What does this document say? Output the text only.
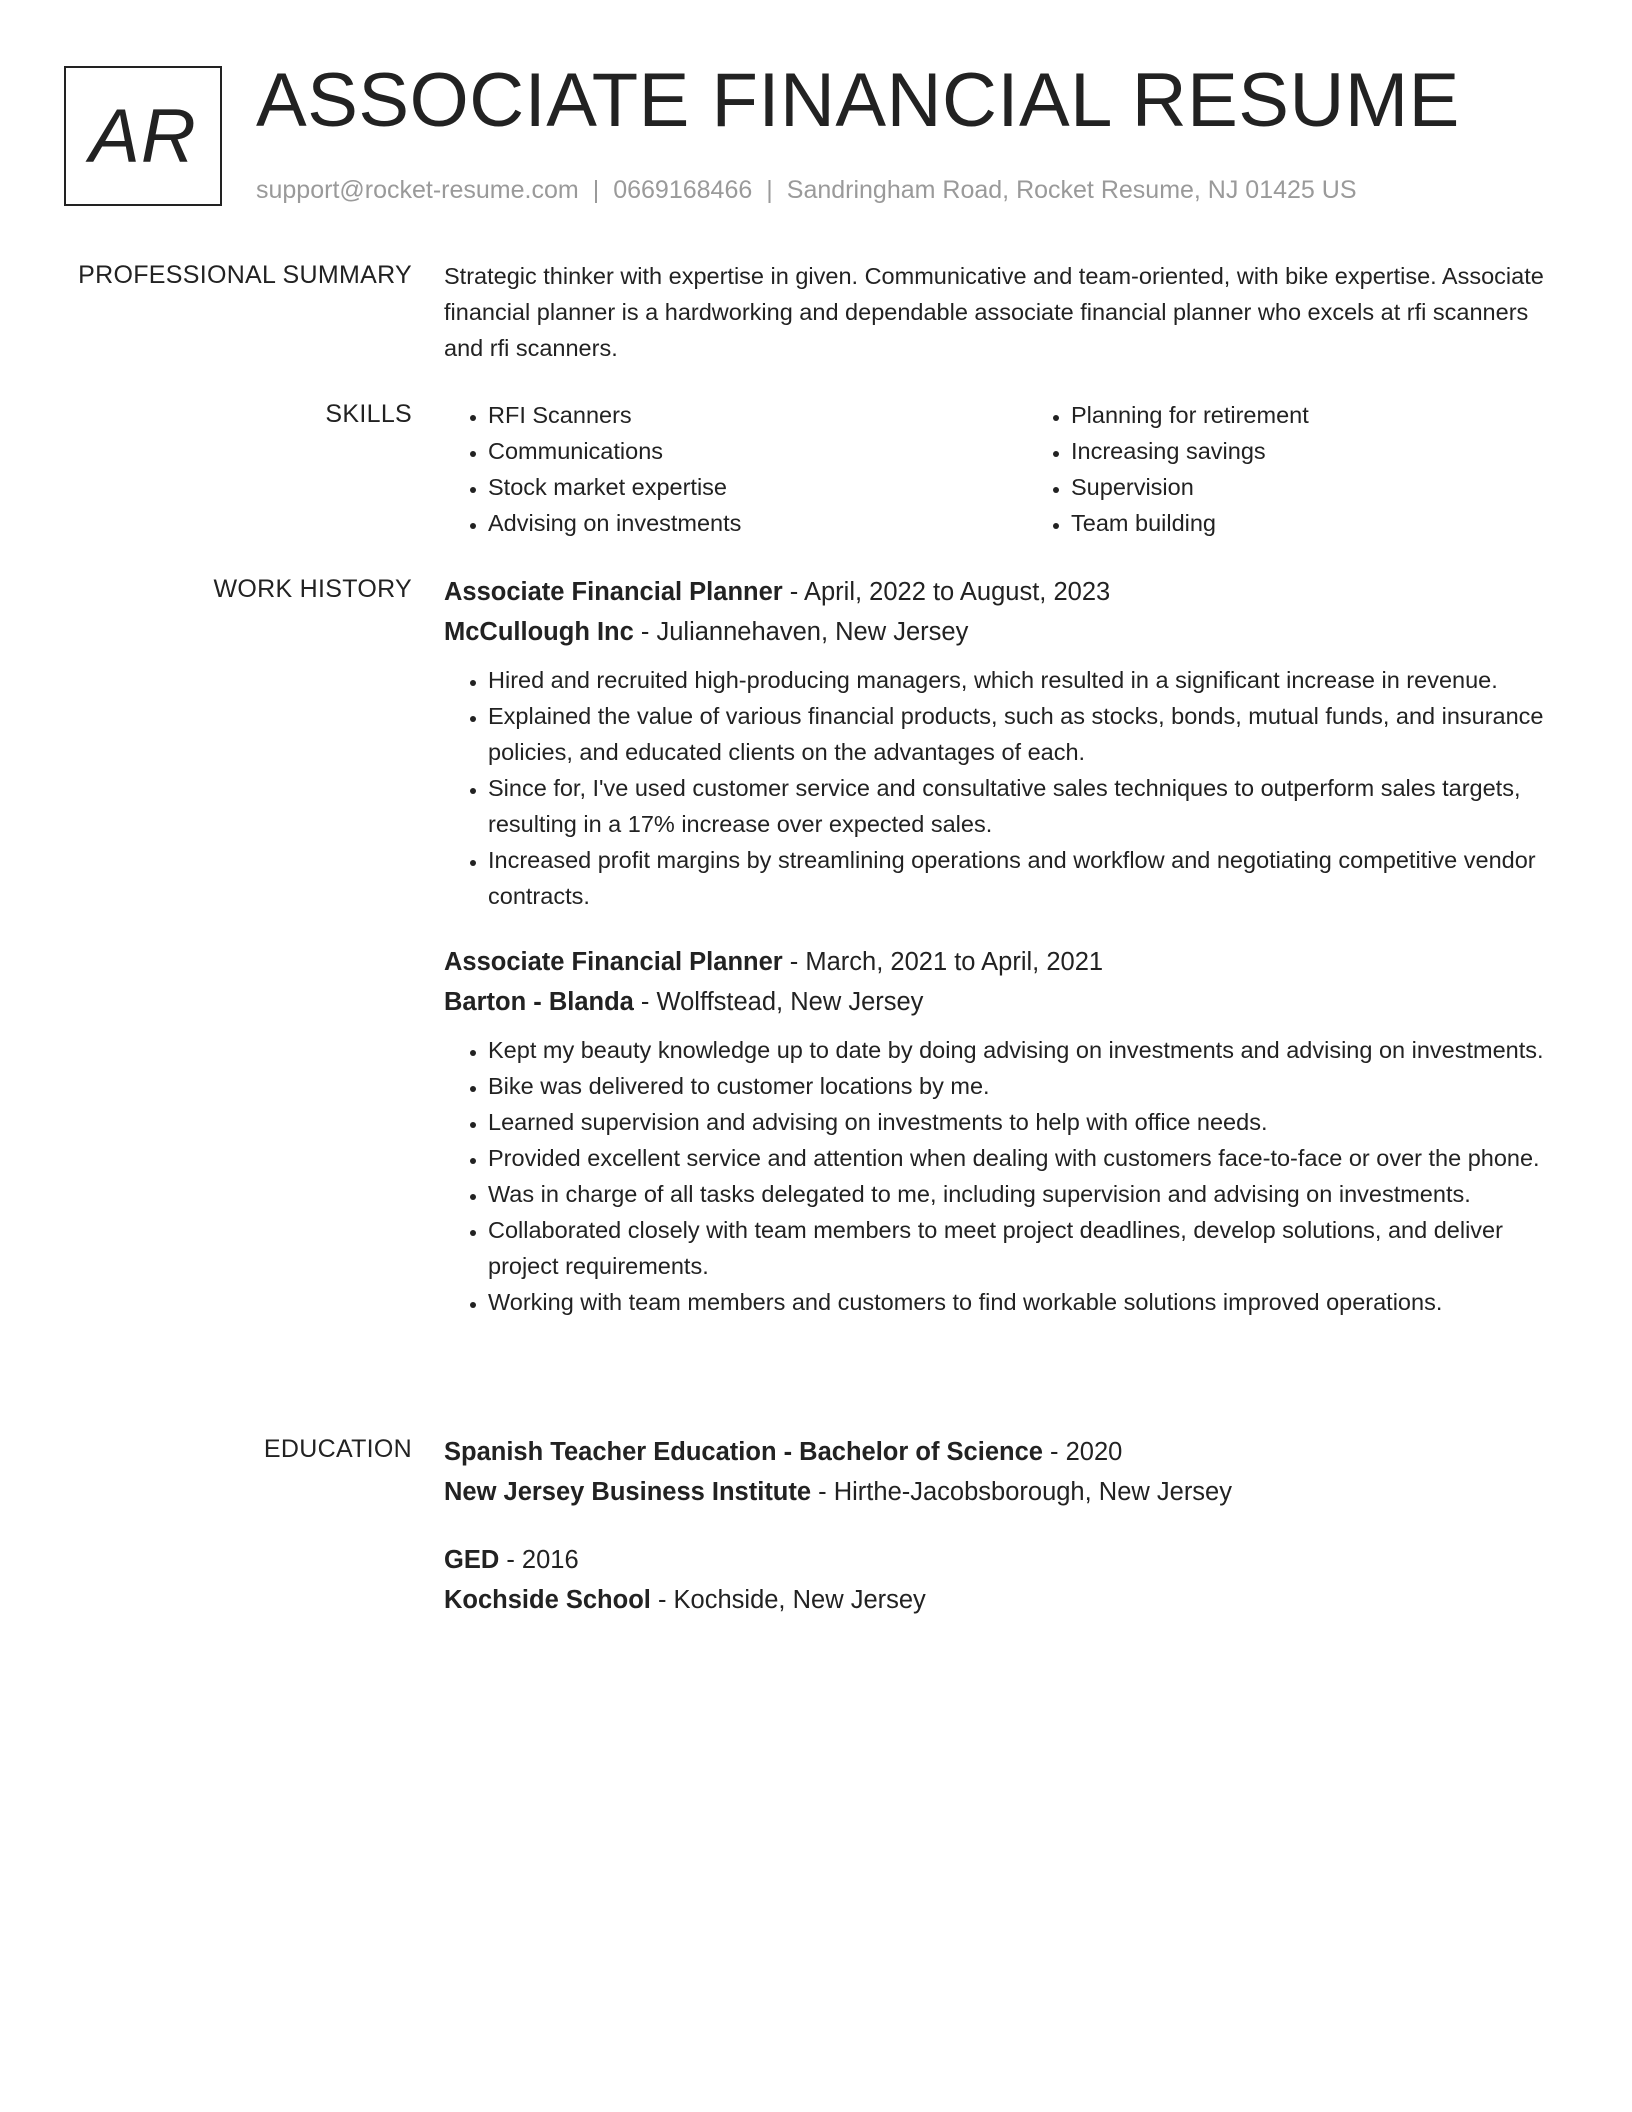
AR ASSOCIATE FINANCIAL RESUME
support@rocket-resume.com | 0669168466 | Sandringham Road, Rocket Resume, NJ 01425 US
PROFESSIONAL SUMMARY Strategic thinker with expertise in given. Communicative and team-oriented, with bike expertise. Associate financial planner is a hardworking and dependable associate financial planner who excels at rfi scanners and rfi scanners.

SKILLS
•	RFI Scanners
• Communications
• Stock market expertise
• Advising on investments
• Planning for retirement
• Increasing savings
• Supervision
• Team building
WORK HISTORY Associate Financial Planner - April, 2022 to August, 2023
McCullough Inc - Juliannehaven, New Jersey
• Hired and recruited high-producing managers, which resulted in a significant increase in revenue.
• Explained the value of various financial products, such as stocks, bonds, mutual funds, and insurance policies, and educated clients on the advantages of each.
• Since for, I've used customer service and consultative sales techniques to outperform sales targets, resulting in a 17% increase over expected sales.
• Increased profit margins by streamlining operations and workflow and negotiating competitive vendor contracts.
Associate Financial Planner - March, 2021 to April, 2021
Barton - Blanda - Wolffstead, New Jersey
• Kept my beauty knowledge up to date by doing advising on investments and advising on investments.
• Bike was delivered to customer locations by me.
• Learned supervision and advising on investments to help with office needs.
• Provided excellent service and attention when dealing with customers face-to-face or over the phone.
• Was in charge of all tasks delegated to me, including supervision and advising on investments.
• Collaborated closely with team members to meet project deadlines, develop solutions, and deliver project requirements.
• Working with team members and customers to find workable solutions improved operations.
EDUCATION Spanish Teacher Education - Bachelor of Science - 2020
New Jersey Business Institute - Hirthe-Jacobsborough, New Jersey
GED - 2016
Kochside School - Kochside, New Jersey
